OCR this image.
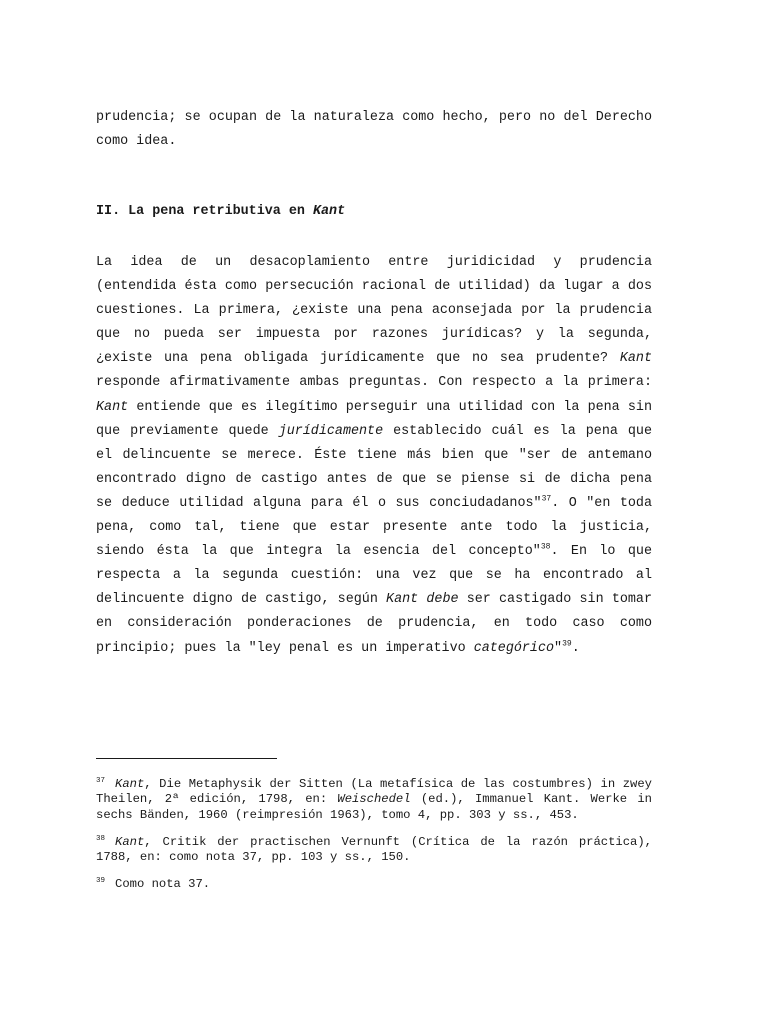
prudencia; se ocupan de la naturaleza como hecho, pero no del Derecho como idea.

II. La pena retributiva en Kant

La idea de un desacoplamiento entre juridicidad y prudencia (entendida ésta como persecución racional de utilidad) da lugar a dos cuestiones. La primera, ¿existe una pena aconsejada por la prudencia que no pueda ser impuesta por razones jurídicas? y la segunda, ¿existe una pena obligada jurídicamente que no sea prudente? Kant responde afirmativamente ambas preguntas. Con respecto a la primera: Kant entiende que es ilegítimo perseguir una utilidad con la pena sin que previamente quede jurídicamente establecido cuál es la pena que el delincuente se merece. Éste tiene más bien que "ser de antemano encontrado digno de castigo antes de que se piense si de dicha pena se deduce utilidad alguna para él o sus conciudadanos"$^{37}$. O "en toda pena, como tal, tiene que estar presente ante todo la justicia, siendo ésta la que integra la esencia del concepto"$^{38}$. En lo que respecta a la segunda cuestión: una vez que se ha encontrado al delincuente digno de castigo, según Kant debe ser castigado sin tomar en consideración ponderaciones de prudencia, en todo caso como principio; pues la "ley penal es un imperativo categórico"$^{39}$.

$^{37}$ Kant, Die Metaphysik der Sitten (La metafísica de las costumbres) in zwey Theilen, 2ª edición, 1798, en: Weischedel (ed.), Immanuel Kant. Werke in sechs Bänden, 1960 (reimpresión 1963), tomo 4, pp. 303 y ss., 453.

$^{38}$ Kant, Critik der practischen Vernunft (Crítica de la razón práctica), 1788, en: como nota 37, pp. 103 y ss., 150.

$^{39}$ Como nota 37.
